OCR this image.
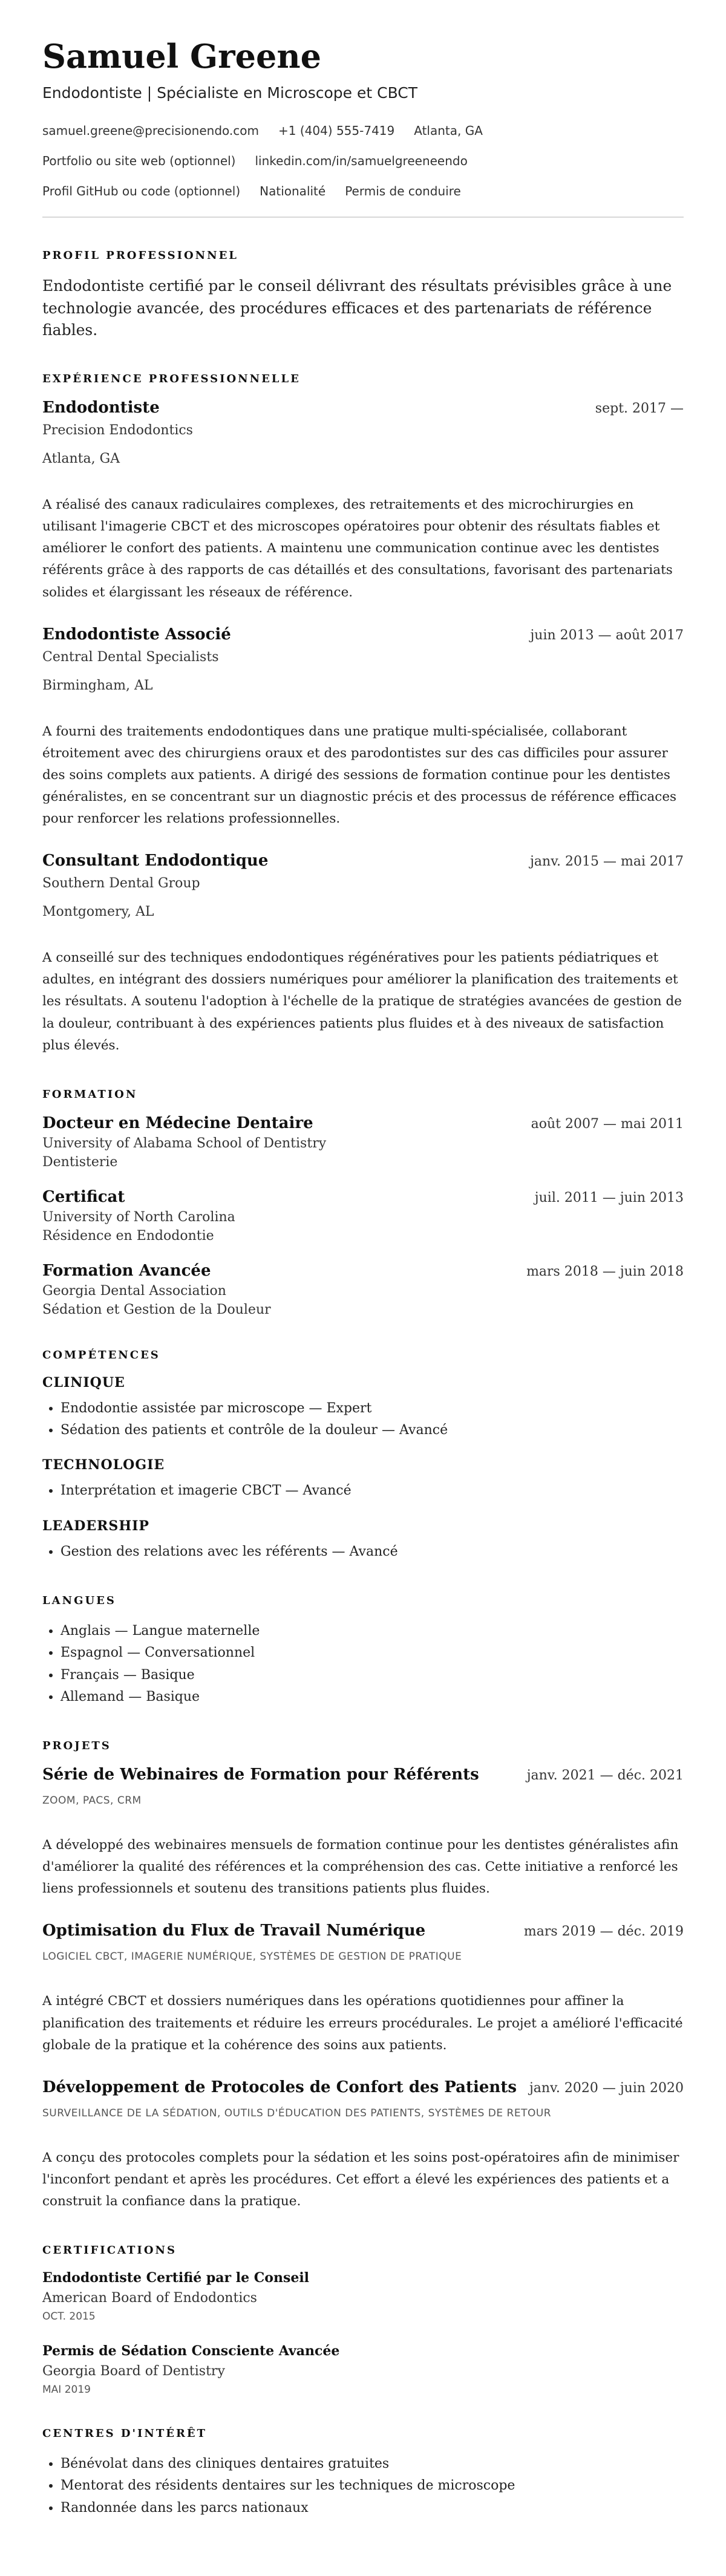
Samuel Greene
Endodontiste | Spécialiste en Microscope et CBCT
samuel.greene@precisionendo.com +1 (404) 555-7419 Atlanta, GA
Portfolio ou site web (optionnel) linkedin.com/in/samuelgreeneendo
Profil GitHub ou code (optionnel) Nationalité Permis de conduire
PROFIL PROFESSIONNEL

Endodontiste certifié par le conseil délivrant des résultats prévisibles grâce à une technologie avancée, des procédures efficaces et des partenariats de référence fiables.

EXPÉRIENCE PROFESSIONNELLE
Endodontiste	sept. 2017 —
Precision Endodontics
Atlanta, GA

A réalisé des canaux radiculaires complexes, des retraitements et des microchirurgies en utilisant l'imagerie CBCT et des microscopes opératoires pour obtenir des résultats fiables et améliorer le confort des patients. A maintenu une communication continue avec les dentistes référents grâce à des rapports de cas détaillés et des consultations, favorisant des partenariats solides et élargissant les réseaux de référence.

Endodontiste Associé	juin 2013 — août 2017
Central Dental Specialists
Birmingham, AL

A fourni des traitements endodontiques dans une pratique multi-spécialisée, collaborant étroitement avec des chirurgiens oraux et des parodontistes sur des cas difficiles pour assurer des soins complets aux patients. A dirigé des sessions de formation continue pour les dentistes généralistes, en se concentrant sur un diagnostic précis et des processus de référence efficaces pour renforcer les relations professionnelles.

Consultant Endodontique	janv. 2015 — mai 2017
Southern Dental Group
Montgomery, AL

A conseillé sur des techniques endodontiques régénératives pour les patients pédiatriques et adultes, en intégrant des dossiers numériques pour améliorer la planification des traitements et les résultats. A soutenu l'adoption à l'échelle de la pratique de stratégies avancées de gestion de la douleur, contribuant à des expériences patients plus fluides et à des niveaux de satisfaction plus élevés.

FORMATION
Docteur en Médecine Dentaire	août 2007 — mai 2011
University of Alabama School of Dentistry
Dentisterie
Certificat	juil. 2011 — juin 2013
University of North Carolina
Résidence en Endodontie
Formation Avancée	mars 2018 — juin 2018
Georgia Dental Association
Sédation et Gestion de la Douleur
COMPÉTENCES
CLINIQUE
• Endodontie assistée par microscope — Expert
• Sédation des patients et contrôle de la douleur — Avancé
TECHNOLOGIE
• Interprétation et imagerie CBCT — Avancé
LEADERSHIP
• Gestion des relations avec les référents — Avancé
LANGUES
• Anglais — Langue maternelle
• Espagnol — Conversationnel
• Français — Basique
• Allemand — Basique
PROJETS
Série de Webinaires de Formation pour Référents	janv. 2021 — déc. 2021
ZOOM, PACS, CRM

A développé des webinaires mensuels de formation continue pour les dentistes généralistes afin d'améliorer la qualité des références et la compréhension des cas. Cette initiative a renforcé les liens professionnels et soutenu des transitions patients plus fluides.

Optimisation du Flux de Travail Numérique	mars 2019 — déc. 2019
LOGICIEL CBCT, IMAGERIE NUMÉRIQUE, SYSTÈMES DE GESTION DE PRATIQUE

A intégré CBCT et dossiers numériques dans les opérations quotidiennes pour affiner la planification des traitements et réduire les erreurs procédurales. Le projet a amélioré l'efficacité globale de la pratique et la cohérence des soins aux patients.

Développement de Protocoles de Confort des Patients janv. 2020 — juin 2020
SURVEILLANCE DE LA SÉDATION, OUTILS D'ÉDUCATION DES PATIENTS, SYSTÈMES DE RETOUR

A conçu des protocoles complets pour la sédation et les soins post-opératoires afin de minimiser l'inconfort pendant et après les procédures. Cet effort a élevé les expériences des patients et a construit la confiance dans la pratique.

CERTIFICATIONS
Endodontiste Certifié par le Conseil
American Board of Endodontics
OCT. 2015
Permis de Sédation Consciente Avancée
Georgia Board of Dentistry
MAI 2019
CENTRES D'INTÉRÊT
• Bénévolat dans des cliniques dentaires gratuites
• Mentorat des résidents dentaires sur les techniques de microscope
• Randonnée dans les parcs nationaux
